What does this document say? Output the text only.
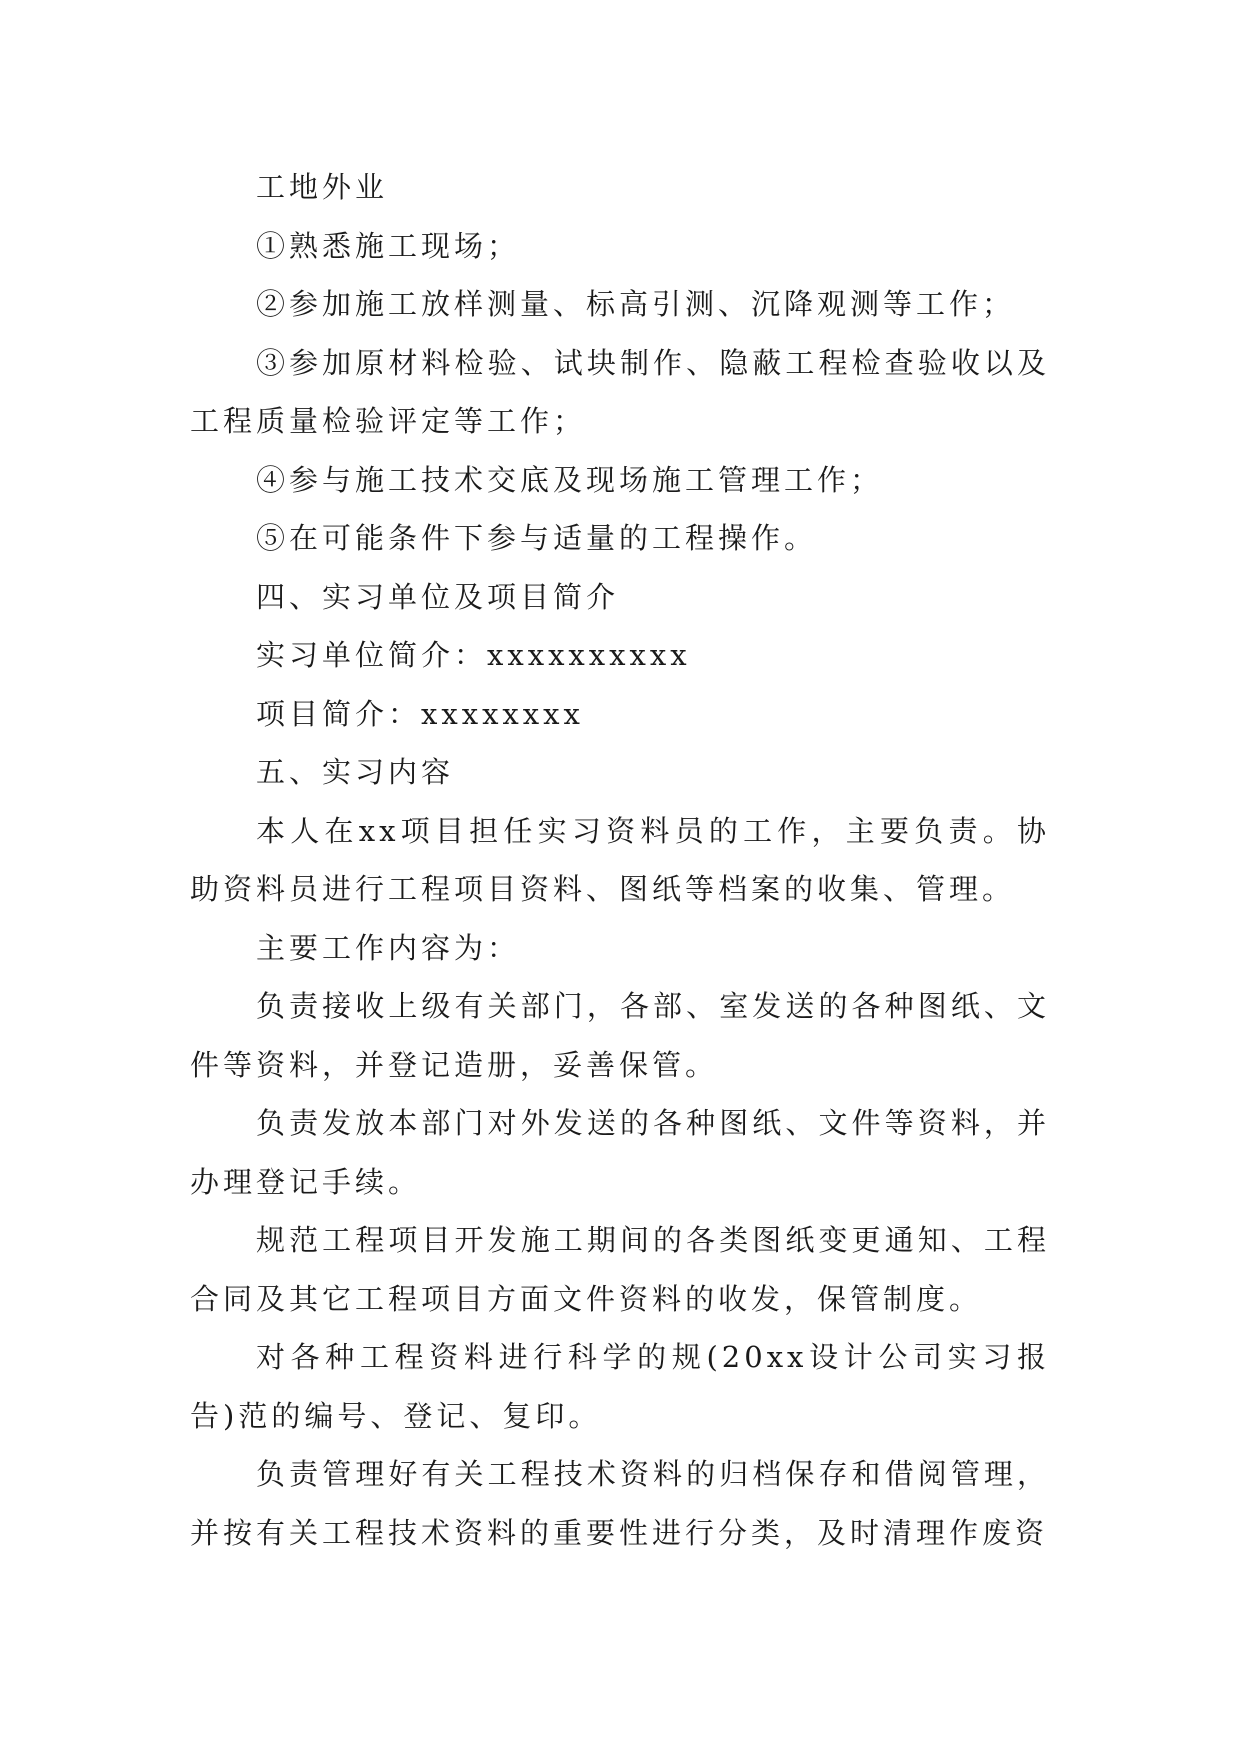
工地外业

①熟悉施工现场；

②参加施工放样测量、标高引测、沉降观测等工作；

③参加原材料检验、试块制作、隐蔽工程检查验收以及工程质量检验评定等工作；

④参与施工技术交底及现场施工管理工作；

⑤在可能条件下参与适量的工程操作。

四、实习单位及项目简介

实习单位简介：xxxxxxxxxx

项目简介：xxxxxxxx

五、实习内容

本人在xx项目担任实习资料员的工作，主要负责。协助资料员进行工程项目资料、图纸等档案的收集、管理。

主要工作内容为：

负责接收上级有关部门，各部、室发送的各种图纸、文件等资料，并登记造册，妥善保管。

负责发放本部门对外发送的各种图纸、文件等资料，并办理登记手续。

规范工程项目开发施工期间的各类图纸变更通知、工程合同及其它工程项目方面文件资料的收发，保管制度。

对各种工程资料进行科学的规(20xx设计公司实习报告)范的编号、登记、复印。

负责管理好有关工程技术资料的归档保存和借阅管理，并按有关工程技术资料的重要性进行分类，及时清理作废资
